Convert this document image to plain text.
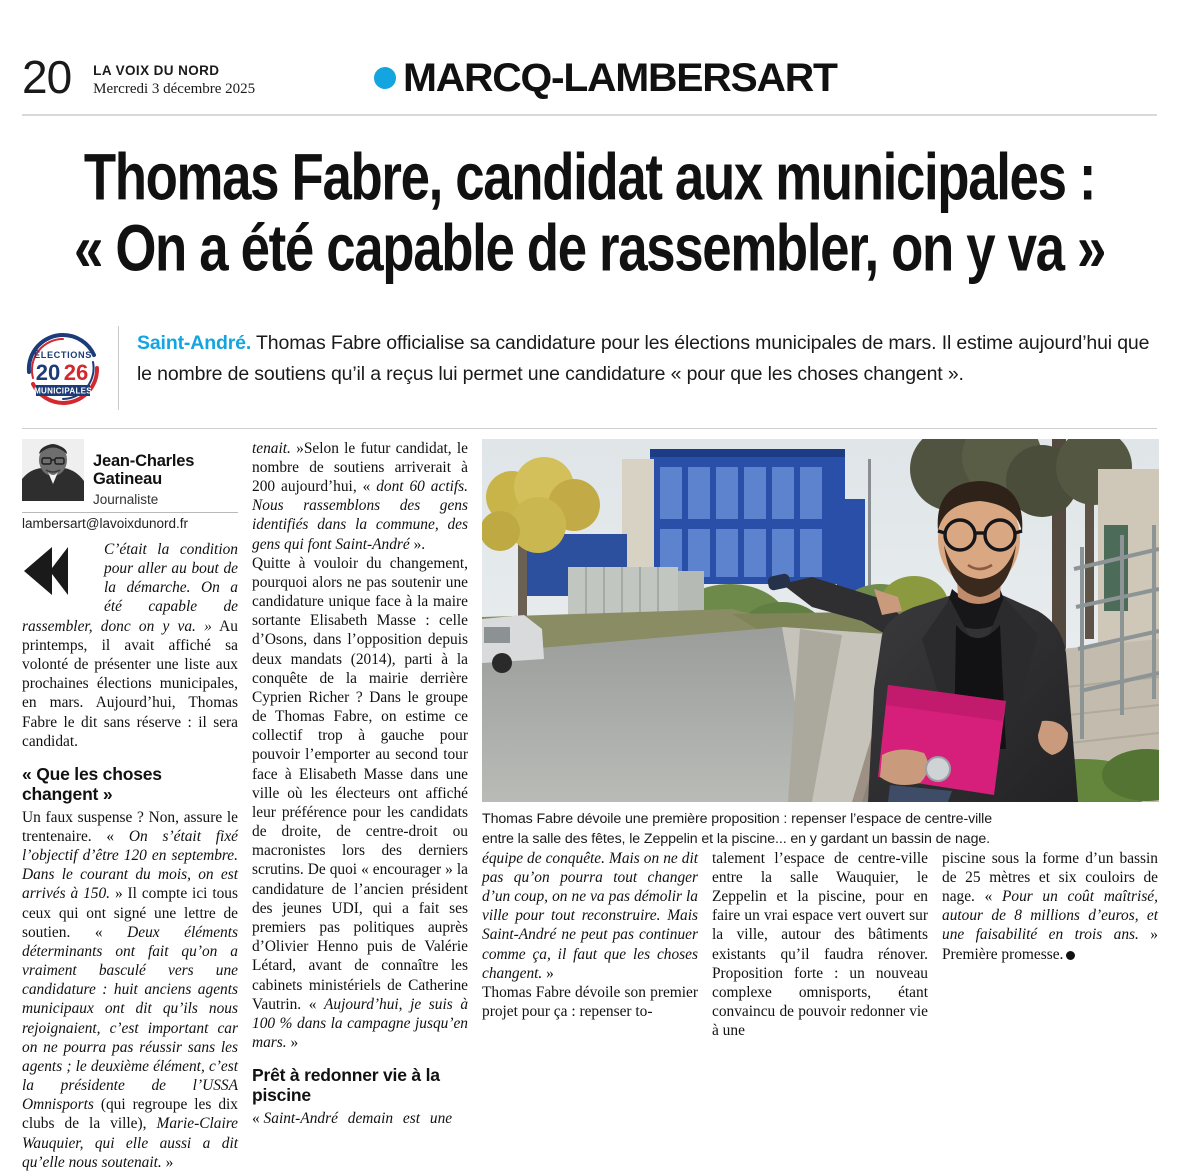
20 LA VOIX DU NORD
Mercredi 3 décembre 2025	MARCQ-LAMBERSART
Thomas Fabre, candidat aux municipales :
« On a été capable de rassembler, on y va »
ÉLECTIONS
20 26
MUNICIPALES
Saint-André. Thomas Fabre officialise sa candidature pour les élections municipales de mars. Il estime aujourd’hui que le nombre de soutiens qu’il a reçus lui permet une candidature « pour que les choses changent ».
Jean-Charles
Gatineau
Journaliste
lambersart@lavoixdunord.fr

C’était la condition pour aller au bout de la démarche. On a été capable de rassembler, donc on y va. » Au printemps, il avait affiché sa volonté de présenter une liste aux prochaines élections municipales, en mars. Aujourd’hui, Thomas Fabre le dit sans réserve : il sera candidat.

« Que les choses changent »

Un faux suspense ? Non, assure le trentenaire. « On s’était fixé l’objectif d’être 120 en septembre. Dans le courant du mois, on est arrivés à 150. » Il compte ici tous ceux qui ont signé une lettre de soutien. « Deux éléments déterminants ont fait qu’on a vraiment basculé vers une candidature : huit anciens agents municipaux ont dit qu’ils nous rejoignaient, c’est important car on ne pourra pas réussir sans les agents ; le deuxième élément, c’est la présidente de l’USSA Omnisports (qui regroupe les dix clubs de la ville), Marie-Claire Wauquier, qui elle aussi a dit qu’elle nous soutenait. »

tenait. »Selon le futur candidat, le nombre de soutiens arriverait à 200 aujourd’hui, « dont 60 actifs. Nous rassemblons des gens identifiés dans la commune, des gens qui font Saint-André ».

Quitte à vouloir du changement, pourquoi alors ne pas soutenir une candidature unique face à la maire sortante Elisabeth Masse : celle d’Osons, dans l’opposition depuis deux mandats (2014), parti à la conquête de la mairie derrière Cyprien Richer ? Dans le groupe de Thomas Fabre, on estime ce collectif trop à gauche pour pouvoir l’emporter au second tour face à Elisabeth Masse dans une ville où les électeurs ont affiché leur préférence pour les candidats de droite, de centre-droit ou macronistes lors des derniers scrutins. De quoi « encourager » la candidature de l’ancien président des jeunes UDI, qui a fait ses premiers pas politiques auprès d’Olivier Henno puis de Valérie Létard, avant de connaître les cabinets ministériels de Catherine Vautrin. « Aujourd’hui, je suis à 100 % dans la campagne jusqu’en mars. »

Prêt à redonner vie à la piscine

« Saint-André demain est une

Thomas Fabre dévoile une première proposition : repenser l’espace de centre-ville
entre la salle des fêtes, le Zeppelin et la piscine... en y gardant un bassin de nage.

équipe de conquête. Mais on ne dit pas qu’on pourra tout changer d’un coup, on ne va pas démolir la ville pour tout reconstruire. Mais Saint-André ne peut pas continuer comme ça, il faut que les choses changent. »

Thomas Fabre dévoile son premier projet pour ça : repenser to-

talement l’espace de centre-ville entre la salle Wauquier, le Zeppelin et la piscine, pour en faire un vrai espace vert ouvert sur la ville, autour des bâtiments existants qu’il faudra rénover. Proposition forte : un nouveau complexe omnisports, étant convaincu de pouvoir redonner vie à une

piscine sous la forme d’un bassin de 25 mètres et six couloirs de nage. « Pour un coût maîtrisé, autour de 8 millions d’euros, et une faisabilité en trois ans. » Première promesse.
